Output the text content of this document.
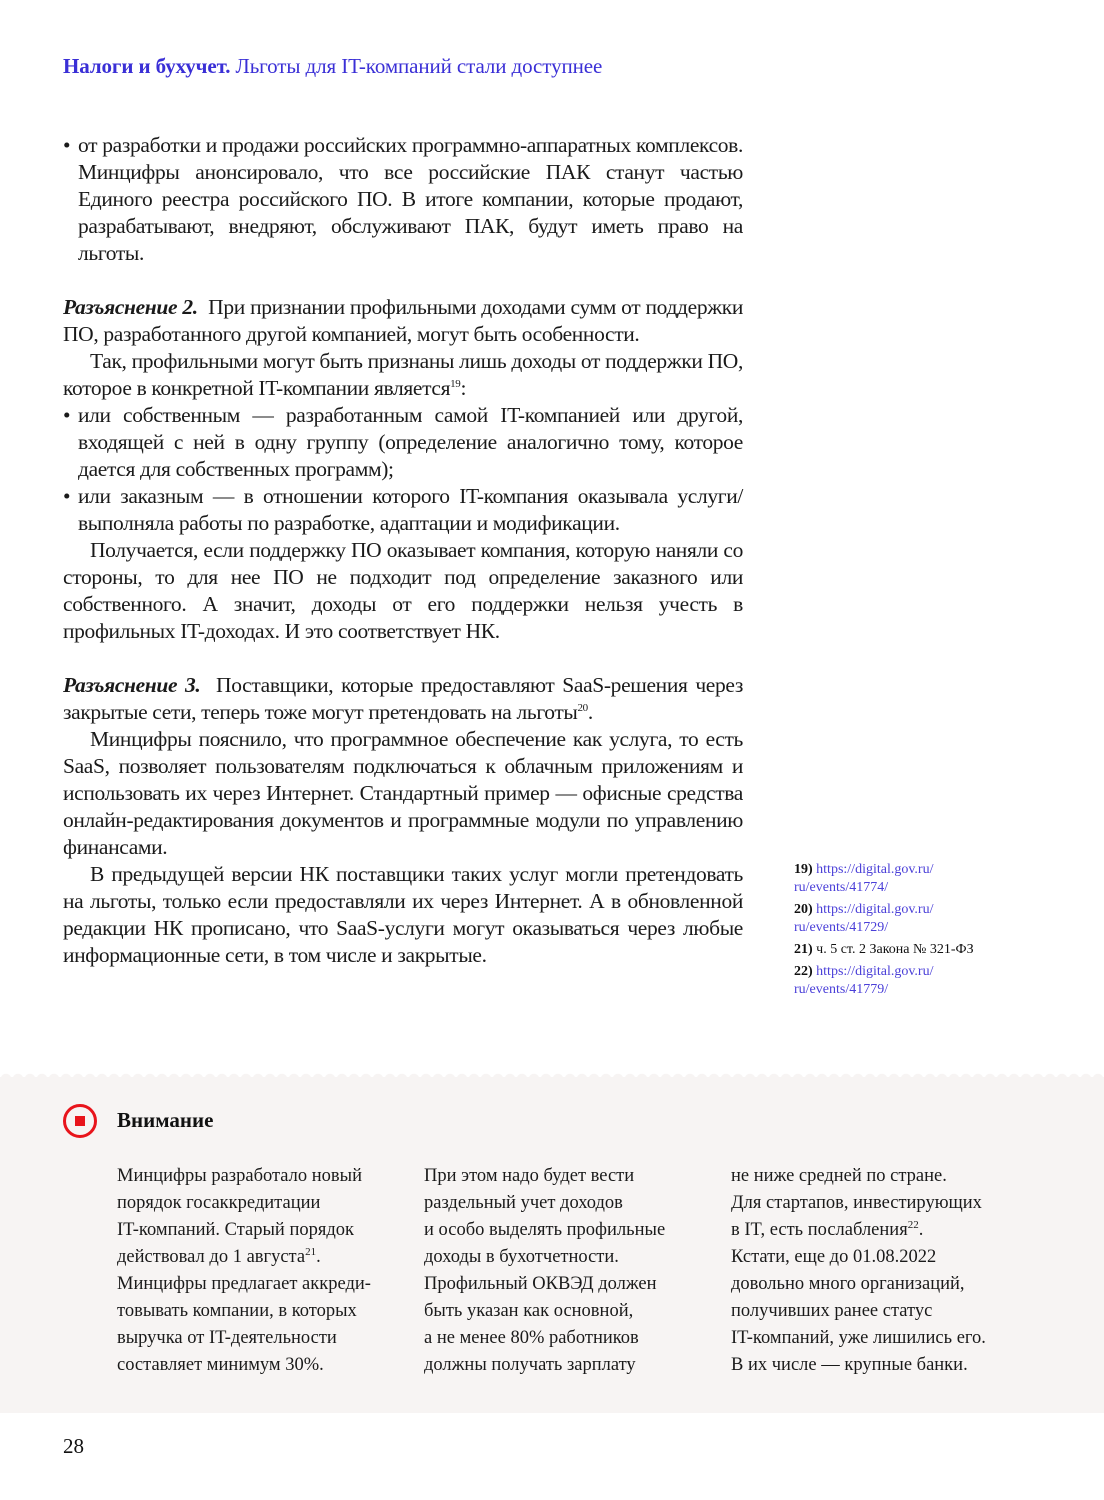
Налоги и бухучет. Льготы для IT-компаний стали доступнее

• от разработки и продажи российских программно-аппаратных комплексов. Минцифры анонсировало, что все российские ПАК станут частью Единого реестра российского ПО. В итоге компании, которые продают, разрабатывают, внедряют, обслуживают ПАК, будут иметь право на льготы.

Разъяснение 2. При признании профильными доходами сумм от поддержки ПО, разработанного другой компанией, могут быть особенности.

Так, профильными могут быть признаны лишь доходы от поддержки ПО, которое в конкретной IT-компании является$^{19}$:

• или собственным — разработанным самой IT-компанией или другой, входящей с ней в одну группу (определение аналогично тому, которое дается для собственных программ);

• или заказным — в отношении которого IT-компания оказывала услуги/выполняла работы по разработке, адаптации и модификации.

Получается, если поддержку ПО оказывает компания, которую наняли со стороны, то для нее ПО не подходит под определение заказного или собственного. А значит, доходы от его поддержки нельзя учесть в профильных IT-доходах. И это соответствует НК.

Разъяснение 3. Поставщики, которые предоставляют SaaS-решения через закрытые сети, теперь тоже могут претендовать на льготы$^{20}$.

Минцифры пояснило, что программное обеспечение как услуга, то есть SaaS, позволяет пользователям подключаться к облачным приложениям и использовать их через Интернет. Стандартный пример — офисные средства онлайн-редактирования документов и программные модули по управлению финансами.

В предыдущей версии НК поставщики таких услуг могли претендовать на льготы, только если предоставляли их через Интернет. А в обновленной редакции НК прописано, что SaaS-услуги могут оказываться через любые информационные сети, в том числе и закрытые.

19) https://digital.gov.ru/
ru/events/41774/
20) https://digital.gov.ru/
ru/events/41729/
21) ч. 5 ст. 2 Закона № 321-ФЗ
22) https://digital.gov.ru/
ru/events/41779/
Внимание
Минцифры разработало новый
порядок госаккредитации
IT-компаний. Старый порядок
действовал до 1 августа$^{21}$.
Минцифры предлагает аккреди-
товывать компании, в которых
выручка от IT-деятельности
составляет минимум 30%.
При этом надо будет вести
раздельный учет доходов
и особо выделять профильные
доходы в бухотчетности.
Профильный ОКВЭД должен
быть указан как основной,
а не менее 80% работников
должны получать зарплату
не ниже средней по стране.
Для стартапов, инвестирующих
в IT, есть послабления$^{22}$.
Кстати, еще до 01.08.2022
довольно много организаций,
получивших ранее статус
IT-компаний, уже лишились его.
В их числе — крупные банки.
28
